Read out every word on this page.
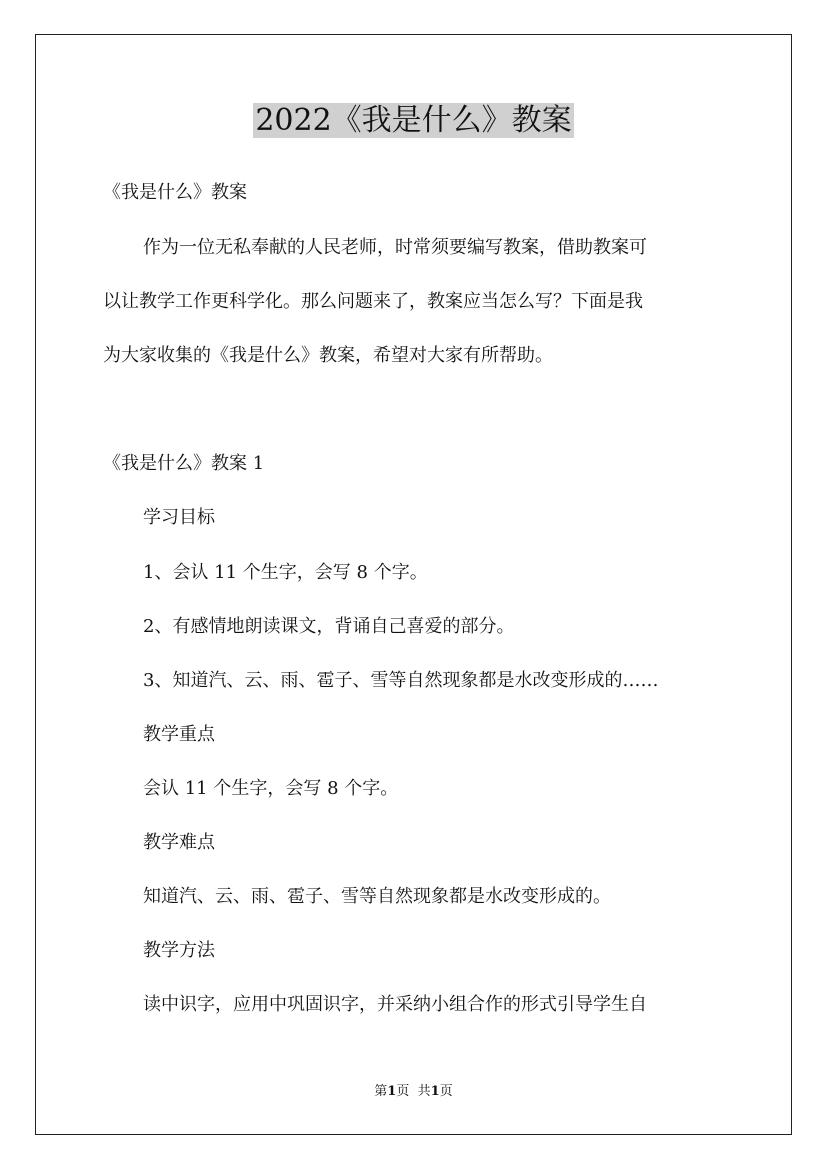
2022《我是什么》教案
《我是什么》教案
作为一位无私奉献的人民老师，时常须要编写教案，借助教案可
以让教学工作更科学化。那么问题来了，教案应当怎么写？下面是我
为大家收集的《我是什么》教案，希望对大家有所帮助。
《我是什么》教案 1
学习目标
1、会认 11 个生字，会写 8 个字。
2、有感情地朗读课文，背诵自己喜爱的部分。
3、知道汽、云、雨、雹子、雪等自然现象都是水改变形成的……
教学重点
会认 11 个生字，会写 8 个字。
教学难点
知道汽、云、雨、雹子、雪等自然现象都是水改变形成的。
教学方法
读中识字，应用中巩固识字，并采纳小组合作的形式引导学生自
第1页 共1页
